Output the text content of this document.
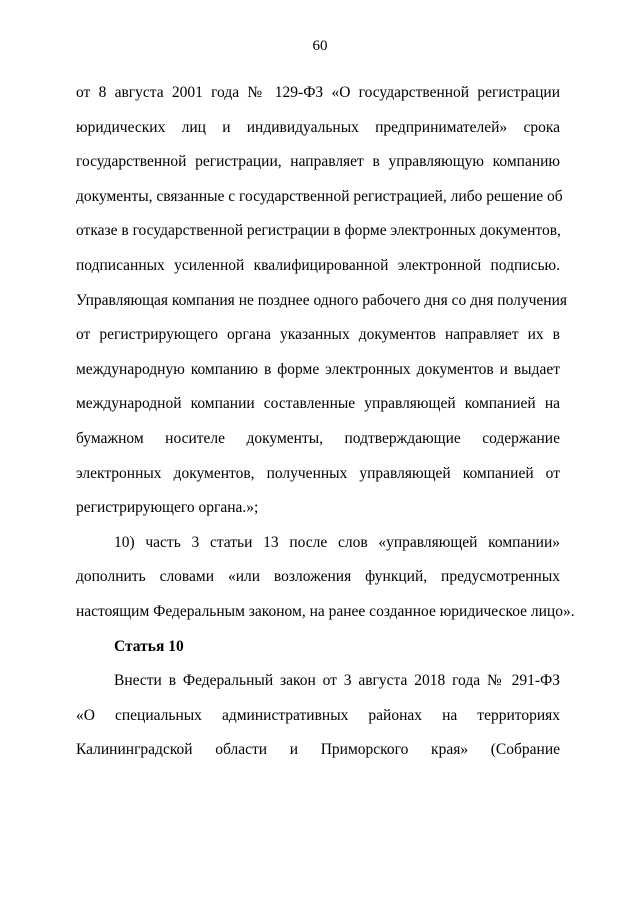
60
от 8 августа 2001 года № 129-ФЗ «О государственной регистрации
юридических лиц и индивидуальных предпринимателей» срока
государственной регистрации, направляет в управляющую компанию
документы, связанные с государственной регистрацией, либо решение об
отказе в государственной регистрации в форме электронных документов,
подписанных усиленной квалифицированной электронной подписью.
Управляющая компания не позднее одного рабочего дня со дня получения
от регистрирующего органа указанных документов направляет их в
международную компанию в форме электронных документов и выдает
международной компании составленные управляющей компанией на
бумажном носителе документы, подтверждающие содержание
электронных документов, полученных управляющей компанией от
регистрирующего органа.»;
10) часть 3 статьи 13 после слов «управляющей компании»
дополнить словами «или возложения функций, предусмотренных
настоящим Федеральным законом, на ранее созданное юридическое лицо».
Статья 10
Внести в Федеральный закон от 3 августа 2018 года № 291-ФЗ
«О специальных административных районах на территориях
Калининградской области и Приморского края» (Собрание
